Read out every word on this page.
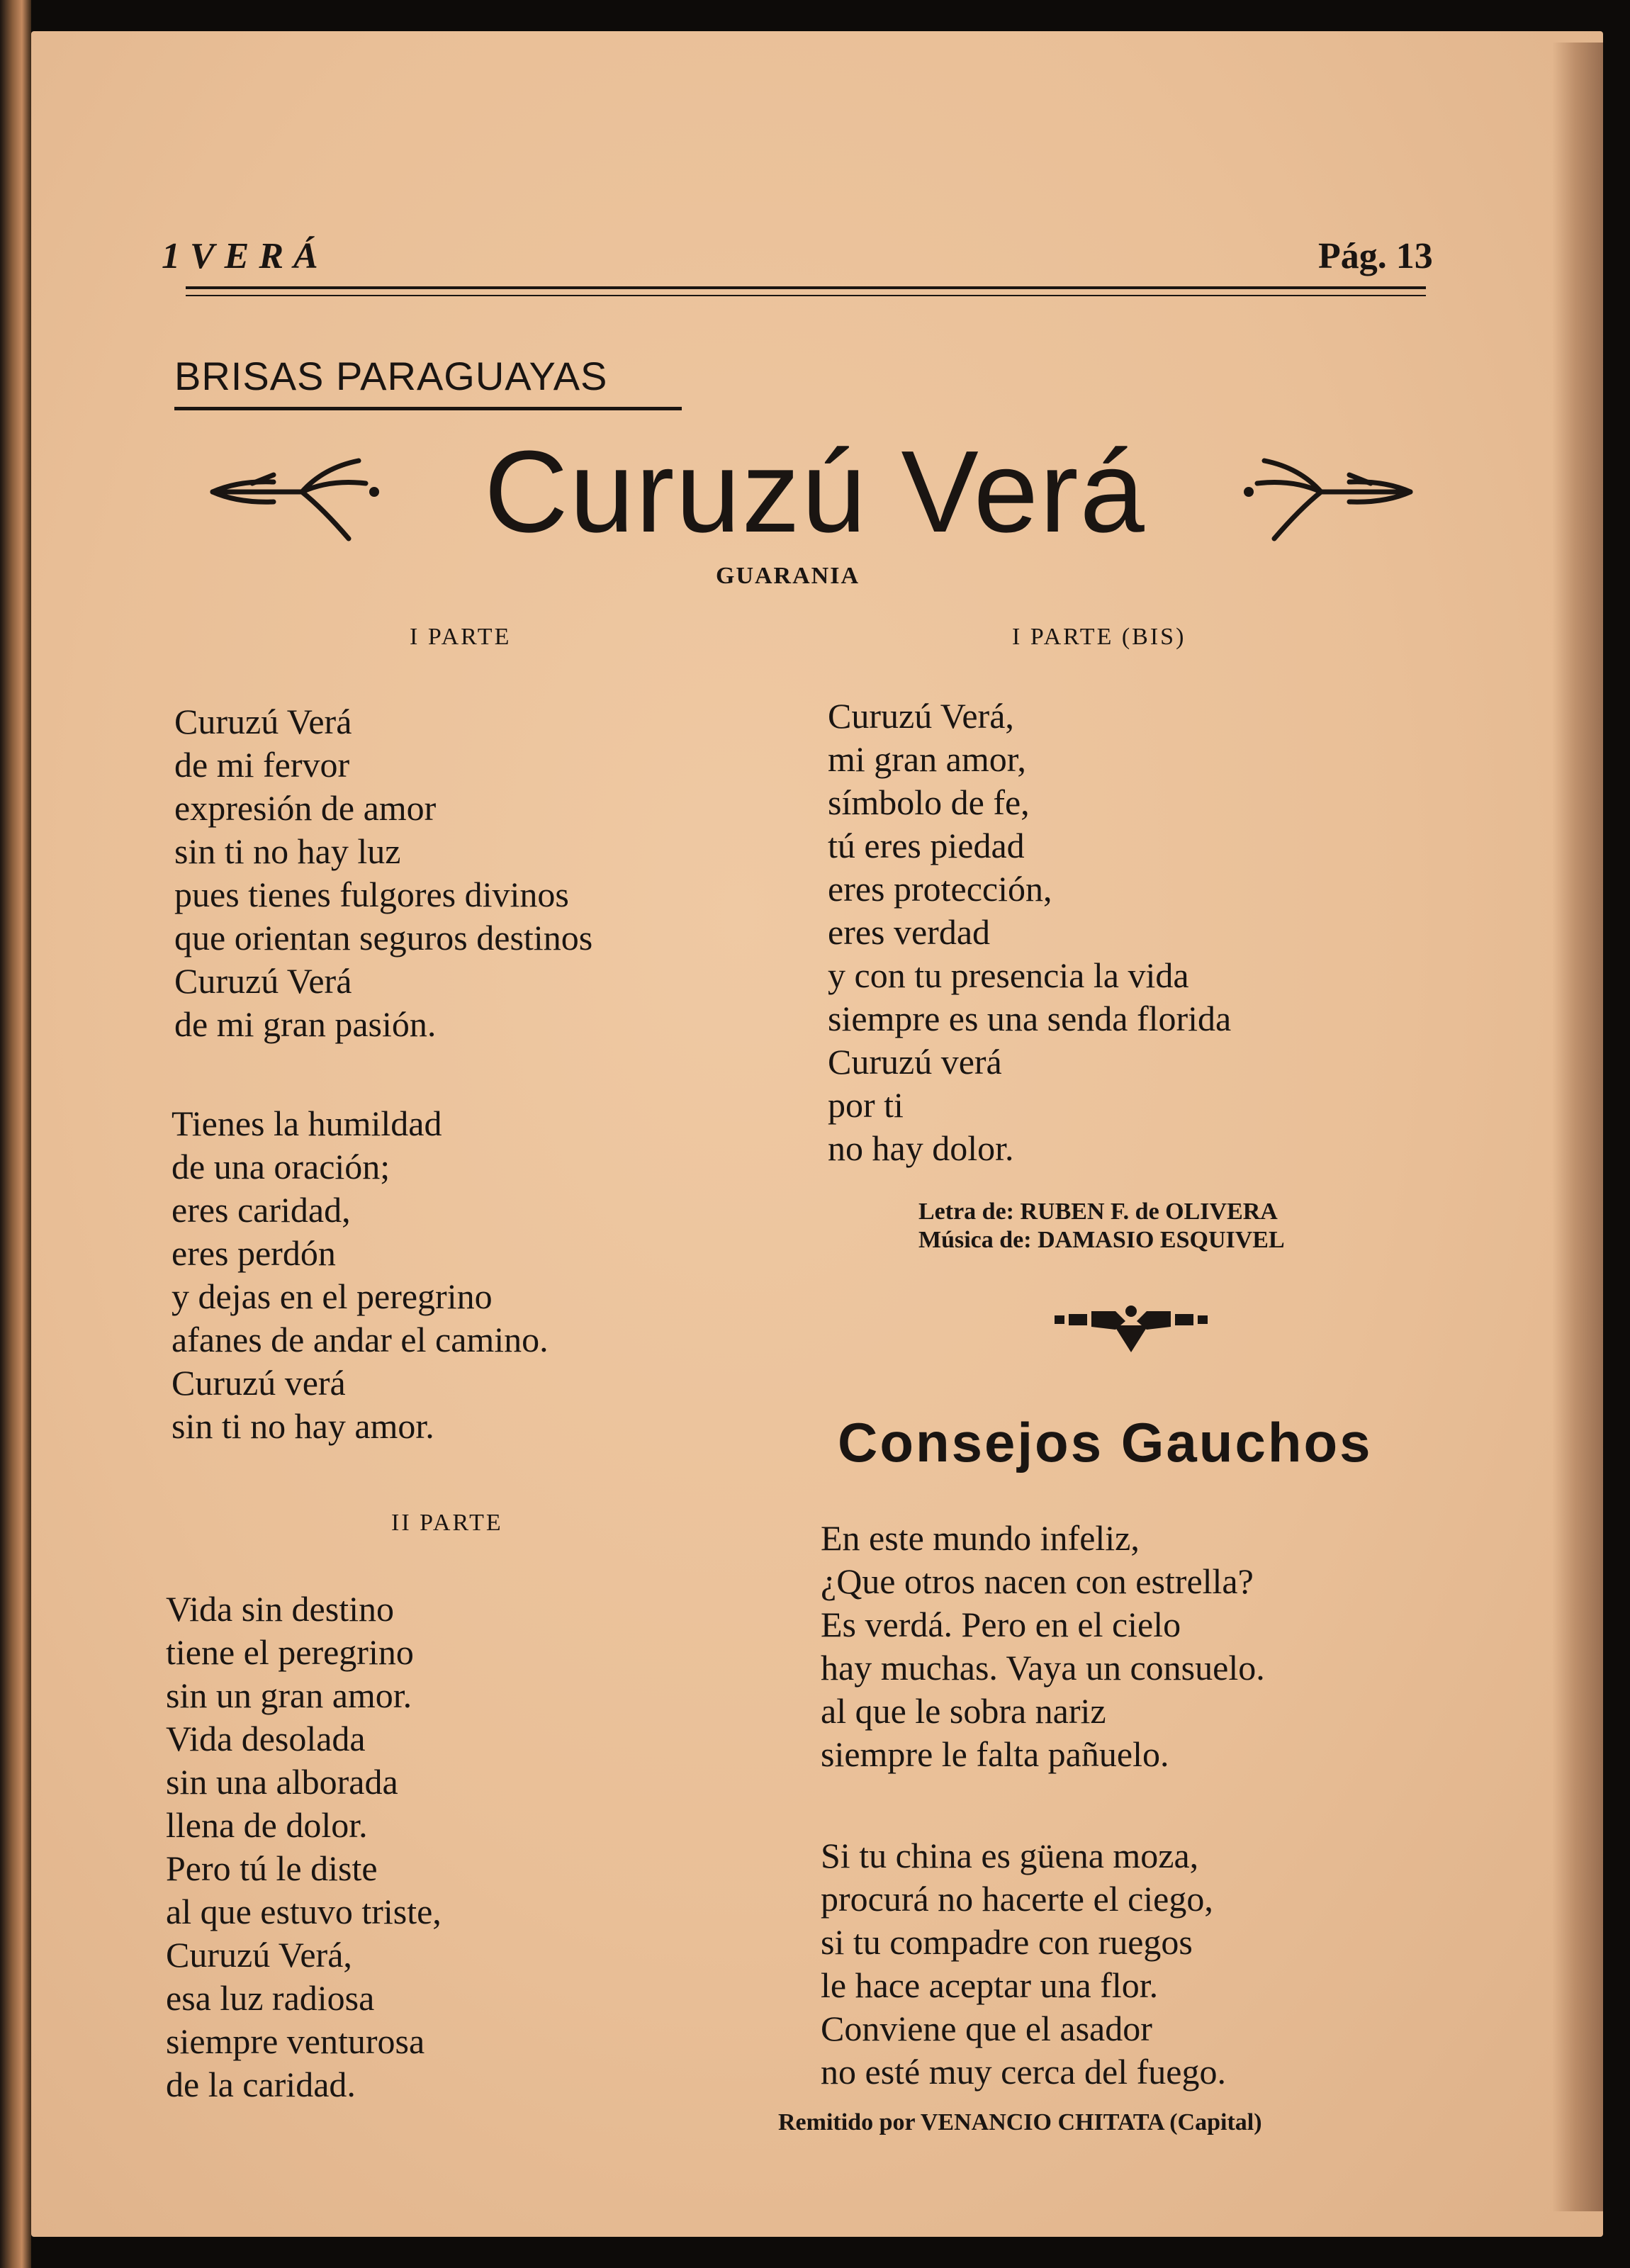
1VERÁ	Pág. 13
BRISAS PARAGUAYAS
Curuzú Verá
GUARANIA
I PARTE
Curuzú Verá
de mi fervor
expresión de amor
sin ti no hay luz
pues tienes fulgores divinos
que orientan seguros destinos
Curuzú Verá
de mi gran pasión.
Tienes la humildad
de una oración;
eres caridad,
eres perdón
y dejas en el peregrino
afanes de andar el camino.
Curuzú verá
sin ti no hay amor.
II PARTE
Vida sin destino
tiene el peregrino
sin un gran amor.
Vida desolada
sin una alborada
llena de dolor.
Pero tú le diste
al que estuvo triste,
Curuzú Verá,
esa luz radiosa
siempre venturosa
de la caridad.
I PARTE (BIS)
Curuzú Verá,
mi gran amor,
símbolo de fe,
tú eres piedad
eres protección,
eres verdad
y con tu presencia la vida
siempre es una senda florida
Curuzú verá
por ti
no hay dolor.
Letra de: RUBEN F. de OLIVERA
Música de: DAMASIO ESQUIVEL
Consejos Gauchos
En este mundo infeliz,
¿Que otros nacen con estrella?
Es verdá. Pero en el cielo
hay muchas. Vaya un consuelo.
al que le sobra nariz
siempre le falta pañuelo.
Si tu china es güena moza,
procurá no hacerte el ciego,
si tu compadre con ruegos
le hace aceptar una flor.
Conviene que el asador
no esté muy cerca del fuego.
Remitido por VENANCIO CHITATA (Capital)
